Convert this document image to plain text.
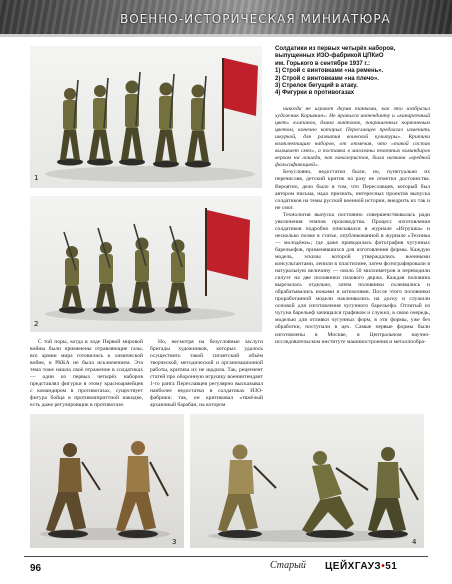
ВОЕННО-ИСТОРИЧЕСКАЯ МИНИАТЮРА
1
2
Солдатики из первых четырёх наборов,
выпущенных ИЗО-фабрикой ЦПКиО
им. Горького в сентябре 1937 г.:
1) Строй с винтовками «на ремень».
2) Строй с винтовками «на плечо».
3) Стрелок бегущий в атаку.
4) Фигурки в противогазах

никогда не играют двумя танками, как это изобразил художник Корьякин». Не нравился интенданту и «канареечный цвет» клапанов, длина винтовок, покрашенных коричневым цветом, конечно которых Переславцев предлагал изменить шкуркой, для развития воинской культуры». Критики комплектацию наборов, от отмечая, что «такой состав вызывает смех», а поставка в магазины пехотных командиров верхом на лошади, как кавалеристов, была названа «вредной фальсификацией».

Безусловно, недостатки были, но, пунктуально их перечисляя, детский критик на разу не отметил достоинства. Вероятно, дело было в том, что Переславцев, который был автором письма, надо признать, интересных проектов выпуска солдатиков на темы русской военной истории, внедрить их так и не смог.

Технология выпуска постоянно совершенствовалась ради увеличения темпов производства. Процесс изготовления солдатиков подробно описывался в журнале «Игрушка» и несколько позже в статье, опубликованной в журнале «Техника — молодёжи»; где даже приводилась фотография чугунных барельефов, применявшихся для изготовления формы. Каждую модель, эскизы которой утверждались военными консультантами, лепили в пластилине, затем фотографировали в натуральную величину — около 50 миллиметров и переводили силуэт на две половинки пазового держа. Каждая половина вырезалась отдельно, затем половинки склеивались и обрабатывались ножами и штихелями. После этого половинки проработанной модели наклеивались на доску и служили основой для изготовления чугунного барельефа. Отлитый из чугуна барельеф зачищался графиком и служил, в свою очередь, моделью для отливки чугунных форм, в эти формы, уже без обработки, поступали в цех. Самые первые формы были изготовлены в Москве, в Центральном научно-исследовательском институте машиностроения и металлообра-

С той поры, когда в ходе Первой мировой войны были применены отравляющие газы, все армии мира готовились к химической войне, и РККА не была исключением. Эта тема тоже нашла своё отражение в солдатиках — один из первых четырёх наборов представлял фигурки в этому красноармейцев с командиром в противогазах, существует фигура бойца в противоиприттной накидке, есть даже регулировщик в противогазе.

Но, несмотря на безусловные заслуги бригады художников, которых удалось осуществить такой гигантский объём творческой, методической и организационной работы, критика их не щадила. Так, рецензент статей про оборонную игрушку военинтендант 1-го ранга Переславцев регулярно высказывал наиболее недостатки в солдатиках ИЗО-фабрики: так, он критиковал «тяжёлый архаичный барабан, на котором

3	4
96	Старый ЦЕЙХГАУЗ•51
